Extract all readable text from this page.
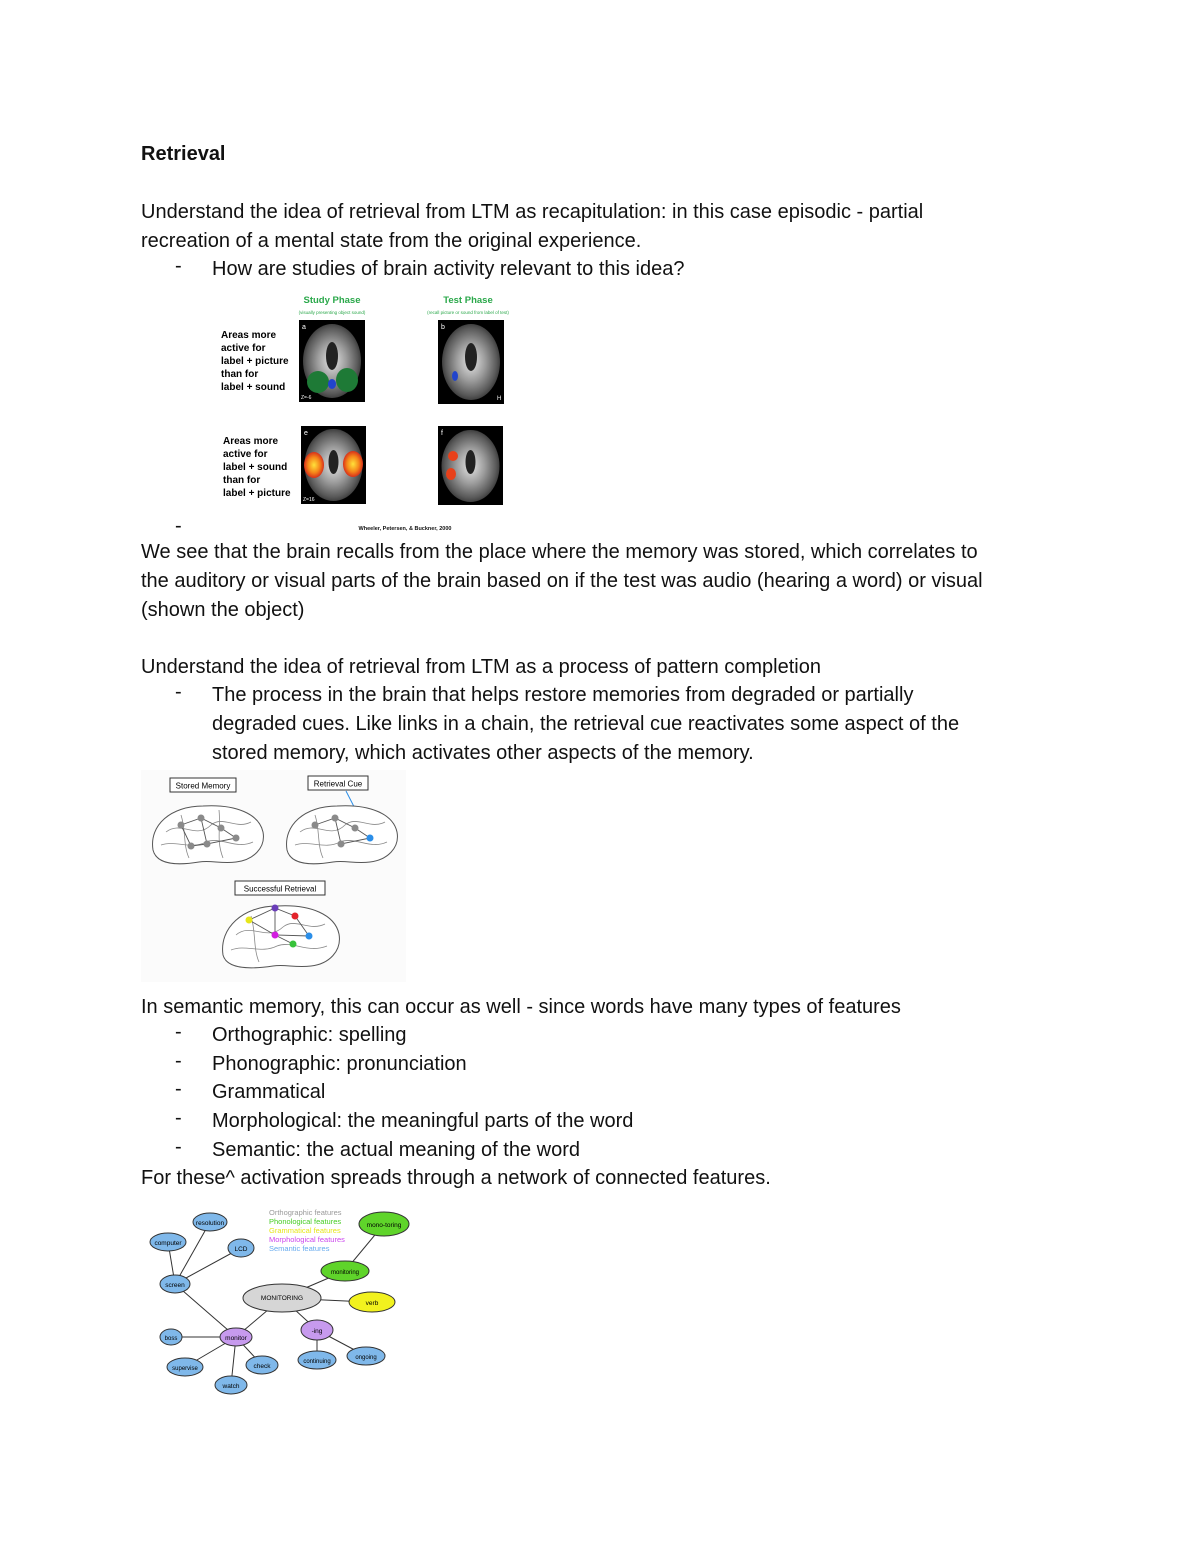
Retrieval
Understand the idea of retrieval from LTM as recapitulation: in this case episodic - partial
recreation of a mental state from the original experience.
- How are studies of brain activity relevant to this idea?
Study Phase
(visually presenting object sound)
Test Phase
(recall picture or sound from label of test)
Areas more
active for
label + picture
than for
label + sound
Areas more
active for
label + sound
than for
label + picture
a
Z=-6
b
H
e
Z=16
f
Wheeler, Petersen, & Buckner, 2000
-
We see that the brain recalls from the place where the memory was stored, which correlates to
the auditory or visual parts of the brain based on if the test was audio (hearing a word) or visual
(shown the object)
Understand the idea of retrieval from LTM as a process of pattern completion
- The process in the brain that helps restore memories from degraded or partially
degraded cues. Like links in a chain, the retrieval cue reactivates some aspect of the
stored memory, which activates other aspects of the memory.
Stored Memory	Retrieval Cue
Successful Retrieval
In semantic memory, this can occur as well - since words have many types of features
- Orthographic: spelling
- Phonographic: pronunciation
- Grammatical
- Morphological: the meaningful parts of the word
- Semantic: the actual meaning of the word
For these^ activation spreads through a network of connected features.
Orthographic features
Phonological features
Grammatical features
Morphological features
Semantic features
resolution
computer
LCD
screen
mono-toring
monitoring
MONITORING
verb
monitor
-ing
boss
supervise	check
watch
continuing
ongoing
